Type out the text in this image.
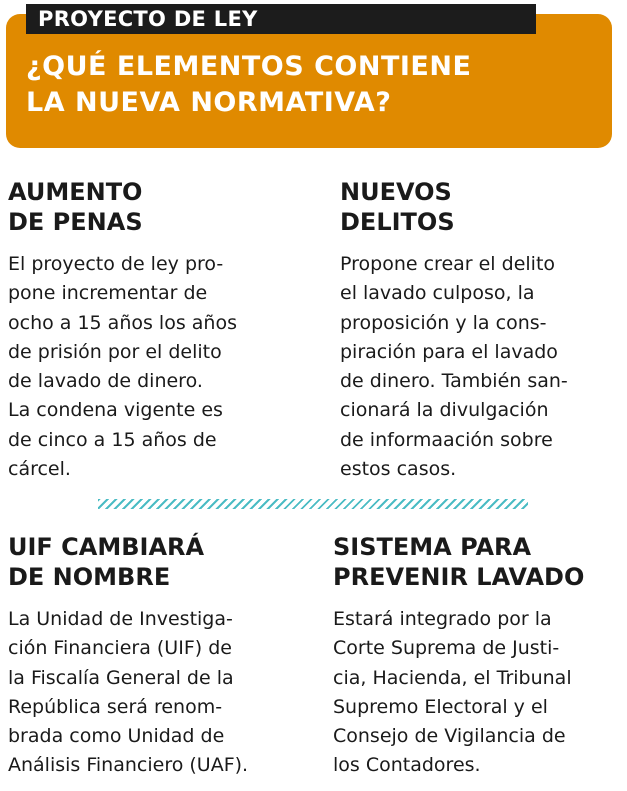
PROYECTO DE LEY
¿QUÉ ELEMENTOS CONTIENE
LA NUEVA NORMATIVA?
AUMENTO
DE PENAS
El proyecto de ley pro-
pone incrementar de
ocho a 15 años los años
de prisión por el delito
de lavado de dinero.
La condena vigente es
de cinco a 15 años de
cárcel.
NUEVOS
DELITOS
Propone crear el delito
el lavado culposo, la
proposición y la cons-
piración para el lavado
de dinero. También san-
cionará la divulgación
de informaación sobre
estos casos.
UIF CAMBIARÁ
DE NOMBRE
La Unidad de Investiga-
ción Financiera (UIF) de
la Fiscalía General de la
República será renom-
brada como Unidad de
Análisis Financiero (UAF).
SISTEMA PARA
PREVENIR LAVADO
Estará integrado por la
Corte Suprema de Justi-
cia, Hacienda, el Tribunal
Supremo Electoral y el
Consejo de Vigilancia de
los Contadores.
